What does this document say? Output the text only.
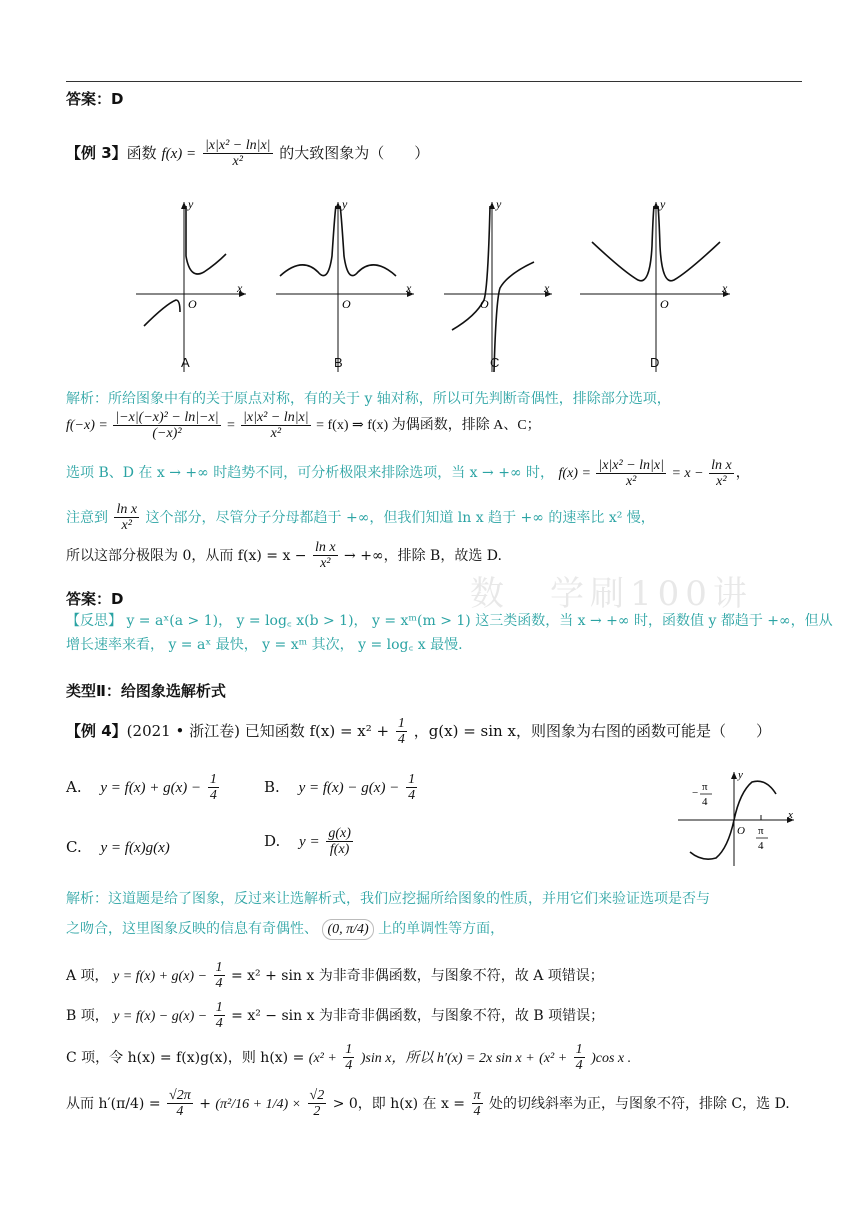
答案：D
【例 3】函数 $f(x) = \frac{\text{|x|x² − ln|x|}}{\text{x²}}$ 的大致图象为（　　）
x
y
O
A
x
y
O
B
x
y
O
C
x
y
O
D
解析：所给图象中有的关于原点对称，有的关于 y 轴对称，所以可先判断奇偶性，排除部分选项，
$f(-x) = \frac{\text{|−x|(−x)² − ln|−x|}}{\text{(−x)²}} = \frac{\text{|x|x² − ln|x|}}{\text{x²}} = f(x)$ ⇒ f(x) 为偶函数，排除 A、C；
选项 B、D 在 x → +∞ 时趋势不同，可分析极限来排除选项，当 x → +∞ 时， $f(x) = \frac{\text{|x|x² − ln|x|}}{\text{x²}} = x - \frac{\text{ln x}}{\text{x²}}$ ，
注意到 $\frac{\text{ln x}}{\text{x²}}$ 这个部分，尽管分子分母都趋于 +∞，但我们知道 ln x 趋于 +∞ 的速率比 x² 慢，
所以这部分极限为 0，从而 $f(x) = x - \frac{\text{ln x}}{\text{x²}}$ → +∞，排除 B，故选 D.
答案：D
【反思】 y = aˣ(a > 1)， y = log꜀ x(b > 1)， y = xᵐ(m > 1) 这三类函数，当 x → +∞ 时，函数值 y 都趋于 +∞，但从
增长速率来看， y = aˣ 最快， y = xᵐ 其次， y = log꜀ x 最慢.
数　学刷100讲
类型Ⅱ：给图象选解析式
【例 4】(2021 • 浙江卷) 已知函数 $f(x) = x^2 + \frac{1}{4}$ ，g(x) = sin x，则图象为右图的函数可能是（　　）
A. $y = f(x) + g(x) - \frac{1}{4}$	B. $y = f(x) - g(x) - \frac{1}{4}$
C. y = f(x)g(x)	D. $y = \frac{g(x)}{f(x)}$
x
y
O
− π
4
π
4
解析：这道题是给了图象，反过来让选解析式，我们应挖掘所给图象的性质，并用它们来验证选项是否与
之吻合，这里图象反映的信息有奇偶性、 (0, π/4) 上的单调性等方面，
A 项， $y = f(x) + g(x) - \frac{1}{4} = x^2 + \sin x$ 为非奇非偶函数，与图象不符，故 A 项错误；
B 项， $y = f(x) - g(x) - \frac{1}{4} = x^2 - \sin x$ 为非奇非偶函数，与图象不符，故 B 项错误；
C 项，令 h(x) = f(x)g(x)，则 $h(x) = (x^2 + \frac{1}{4} )\sin$ x，所以 h′(x) = 2x $\sin x + (x^2 + \frac{1}{4} )\cos$ x .
从而 $h'(\pi/4) = \frac{√2\pi}{4} + (\pi^2/16 + 1/4) \times \frac{√2}{2} > 0$，即 h(x) 在 $x = \frac{\pi}{4}$ 处的切线斜率为正，与图象不符，排除 C，选 D.
